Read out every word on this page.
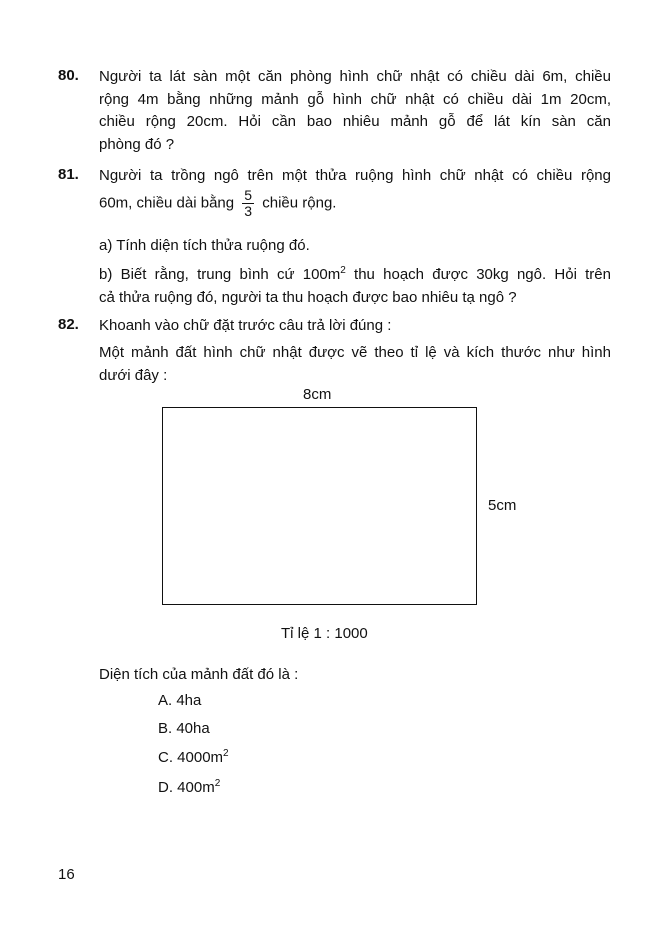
80. Người ta lát sàn một căn phòng hình chữ nhật có chiều dài 6m, chiều
rộng 4m bằng những mảnh gỗ hình chữ nhật có chiều dài 1m 20cm,
chiều rộng 20cm. Hỏi cần bao nhiêu mảnh gỗ để lát kín sàn căn
phòng đó ?
81. Người ta trồng ngô trên một thửa ruộng hình chữ nhật có chiều rộng
60m, chiều dài bằng $\frac{5}{3}$ chiều rộng.
a) Tính diện tích thửa ruộng đó.
b) Biết rằng, trung bình cứ $100m^2$ thu hoạch được 30kg ngô. Hỏi trên
cả thửa ruộng đó, người ta thu hoạch được bao nhiêu tạ ngô ?
82. Khoanh vào chữ đặt trước câu trả lời đúng :
Một mảnh đất hình chữ nhật được vẽ theo tỉ lệ và kích thước như hình
dưới đây :
8cm
5cm
Tỉ lệ 1 : 1000
Diện tích của mảnh đất đó là :
A. 4ha
B. 40ha
C. $4000m^2$
D. $400m^2$
16
